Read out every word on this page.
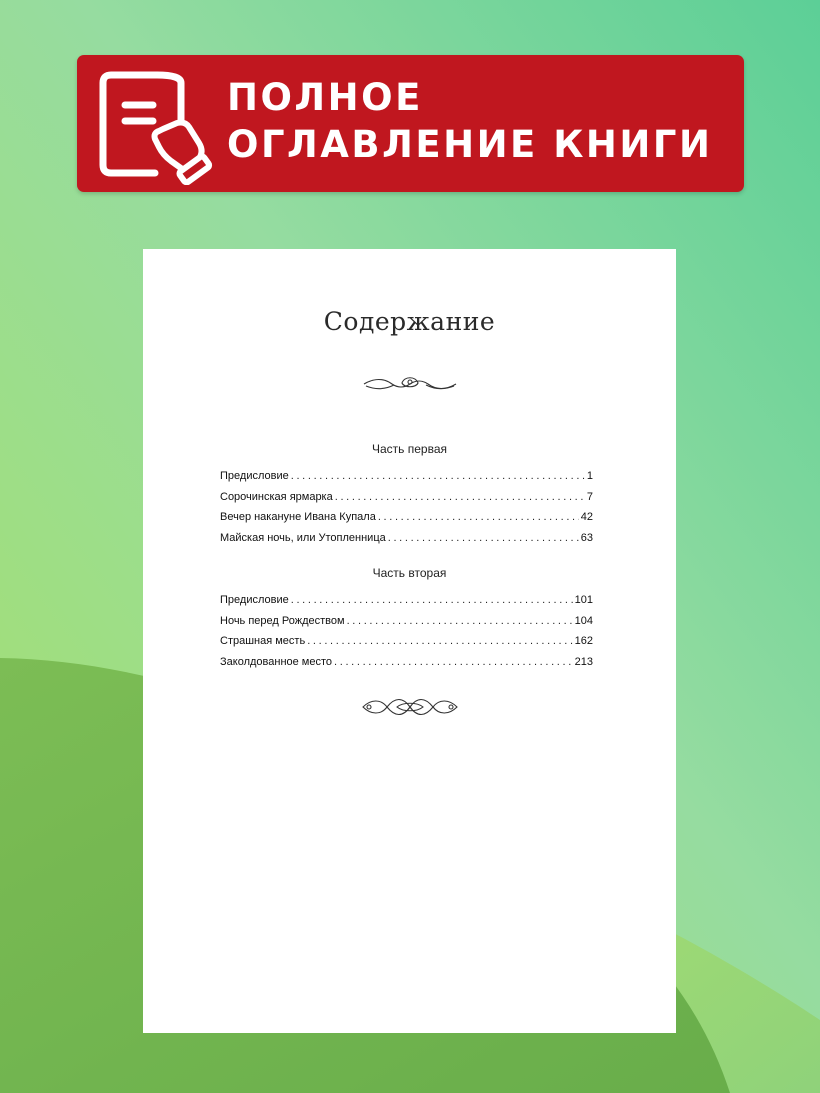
ПОЛНОЕ
ОГЛАВЛЕНИЕ КНИГИ
Содержание
Часть первая
Предисловие . . .	1
Сорочинская ярмарка . . .	7
Вечер накануне Ивана Купала . . .	42
Майская ночь, или Утопленница . . .	63
Часть вторая
Предисловие . . .	101
Ночь перед Рождеством . . .	104
Страшная месть . . .	162
Заколдованное место . . .	213
